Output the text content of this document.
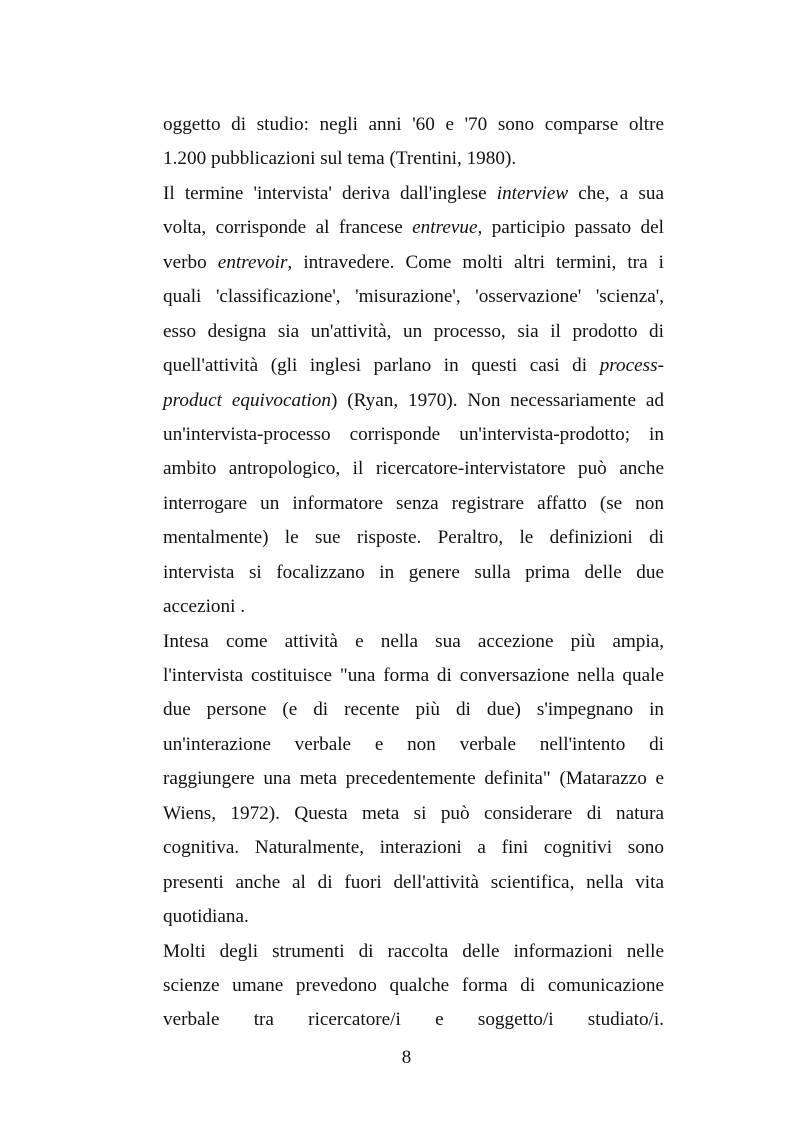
oggetto di studio: negli anni '60 e '70 sono comparse oltre
1.200 pubblicazioni sul tema (Trentini, 1980).
Il termine 'intervista' deriva dall'inglese interview che, a sua
volta, corrisponde al francese entrevue, participio passato del
verbo entrevoir, intravedere. Come molti altri termini, tra i
quali 'classificazione', 'misurazione', 'osservazione' 'scienza',
esso designa sia un'attività, un processo, sia il prodotto di
quell'attività (gli inglesi parlano in questi casi di process-
product equivocation) (Ryan, 1970). Non necessariamente ad
un'intervista-processo corrisponde un'intervista-prodotto; in
ambito antropologico, il ricercatore-intervistatore può anche
interrogare un informatore senza registrare affatto (se non
mentalmente) le sue risposte. Peraltro, le definizioni di
intervista si focalizzano in genere sulla prima delle due
accezioni .
Intesa come attività e nella sua accezione più ampia,
l'intervista costituisce "una forma di conversazione nella quale
due persone (e di recente più di due) s'impegnano in
un'interazione verbale e non verbale nell'intento di
raggiungere una meta precedentemente definita" (Matarazzo e
Wiens, 1972). Questa meta si può considerare di natura
cognitiva. Naturalmente, interazioni a fini cognitivi sono
presenti anche al di fuori dell'attività scientifica, nella vita
quotidiana.
Molti degli strumenti di raccolta delle informazioni nelle
scienze umane prevedono qualche forma di comunicazione
verbale tra ricercatore/i e soggetto/i studiato/i.
8
